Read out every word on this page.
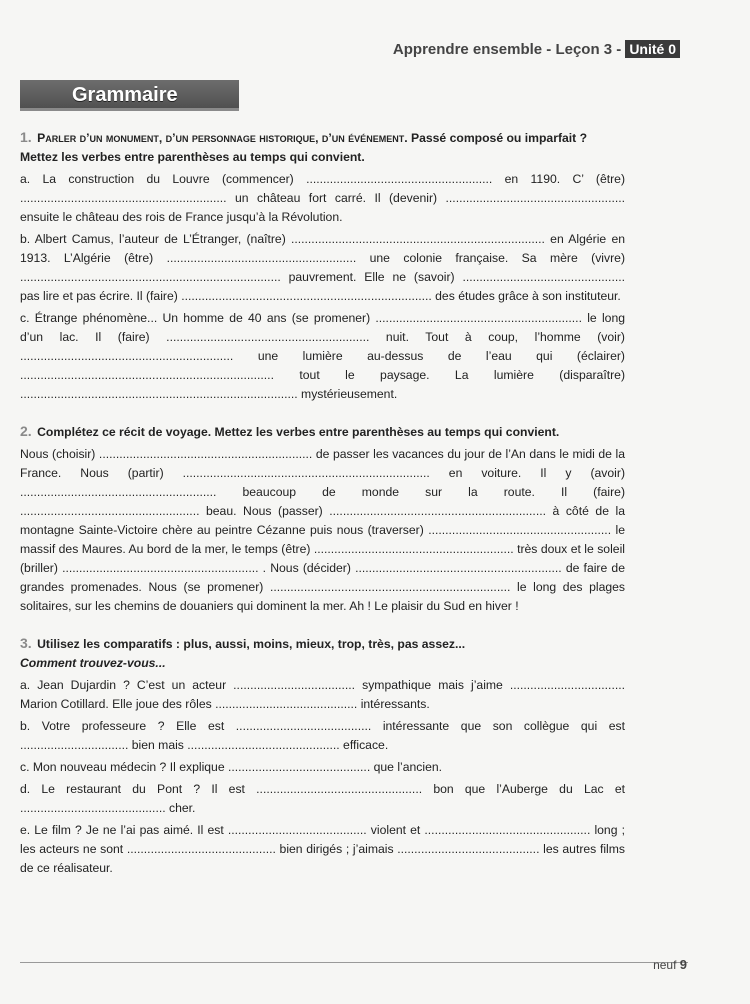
Apprendre ensemble - Leçon 3 - Unité 0
Grammaire
1. Parler d’un monument, d’un personnage historique, d’un événement. Passé composé ou imparfait ? Mettez les verbes entre parenthèses au temps qui convient.
a. La construction du Louvre (commencer) ....................................................... en 1190. C’ (être) ............................................................. un château fort carré. Il (devenir) ..................................................... ensuite le château des rois de France jusqu’à la Révolution.
b. Albert Camus, l’auteur de L’Étranger, (naître) ........................................................................... en Algérie en 1913. L’Algérie (être) ........................................................ une colonie française. Sa mère (vivre) ............................................................................. pauvrement. Elle ne (savoir) ................................................ pas lire et pas écrire. Il (faire) .......................................................................... des études grâce à son instituteur.
c. Étrange phénomène... Un homme de 40 ans (se promener) ............................................................. le long d’un lac. Il (faire) ............................................................ nuit. Tout à coup, l’homme (voir) ............................................................... une lumière au-dessus de l’eau qui (éclairer) ........................................................................... tout le paysage. La lumière (disparaître) .................................................................................. mystérieusement.
2. Complétez ce récit de voyage. Mettez les verbes entre parenthèses au temps qui convient.
Nous (choisir) ............................................................... de passer les vacances du jour de l’An dans le midi de la France. Nous (partir) ......................................................................... en voiture. Il y (avoir) .......................................................... beaucoup de monde sur la route. Il (faire) ..................................................... beau. Nous (passer) ................................................................ à côté de la montagne Sainte-Victoire chère au peintre Cézanne puis nous (traverser) ...................................................... le massif des Maures. Au bord de la mer, le temps (être) ........................................................... très doux et le soleil (briller) .......................................................... . Nous (décider) ............................................................. de faire de grandes promenades. Nous (se promener) ....................................................................... le long des plages solitaires, sur les chemins de douaniers qui dominent la mer. Ah ! Le plaisir du Sud en hiver !
3. Utilisez les comparatifs : plus, aussi, moins, mieux, trop, très, pas assez...
Comment trouvez-vous...
a. Jean Dujardin ? C’est un acteur .................................... sympathique mais j’aime .................................. Marion Cotillard. Elle joue des rôles .......................................... intéressants.
b. Votre professeure ? Elle est ........................................ intéressante que son collègue qui est ................................ bien mais ............................................. efficace.
c. Mon nouveau médecin ? Il explique .......................................... que l’ancien.
d. Le restaurant du Pont ? Il est ................................................. bon que l’Auberge du Lac et ........................................... cher.
e. Le film ? Je ne l’ai pas aimé. Il est ......................................... violent et ................................................. long ; les acteurs ne sont ............................................ bien dirigés ; j’aimais .......................................... les autres films de ce réalisateur.
neuf 9
